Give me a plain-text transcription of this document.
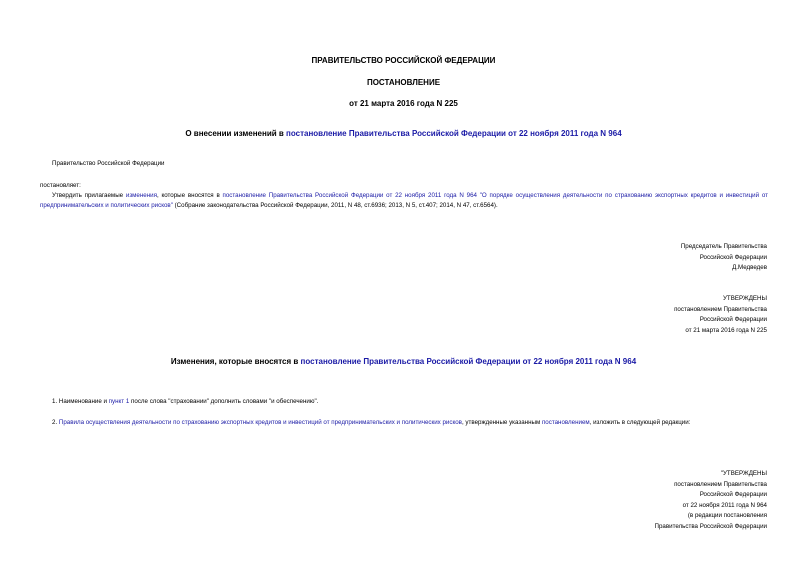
ПРАВИТЕЛЬСТВО РОССИЙСКОЙ ФЕДЕРАЦИИ
ПОСТАНОВЛЕНИЕ
от 21 марта 2016 года N 225
О внесении изменений в постановление Правительства Российской Федерации от 22 ноября 2011 года N 964
Правительство Российской Федерации
постановляет:
Утвердить прилагаемые изменения, которые вносятся в постановление Правительства Российской Федерации от 22 ноября 2011 года N 964 "О порядке осуществления деятельности по страхованию экспортных кредитов и инвестиций от предпринимательских и политических рисков" (Собрание законодательства Российской Федерации, 2011, N 48, ст.6936; 2013, N 5, ст.407; 2014, N 47, ст.6564).
Председатель Правительства
Российской Федерации
Д.Медведев
УТВЕРЖДЕНЫ
постановлением Правительства
Российской Федерации
от 21 марта 2016 года N 225
Изменения, которые вносятся в постановление Правительства Российской Федерации от 22 ноября 2011 года N 964
1. Наименование и пункт 1 после слова "страховании" дополнить словами "и обеспечению".
2. Правила осуществления деятельности по страхованию экспортных кредитов и инвестиций от предпринимательских и политических рисков, утвержденные указанным постановлением, изложить в следующей редакции:
"УТВЕРЖДЕНЫ
постановлением Правительства
Российской Федерации
от 22 ноября 2011 года N 964
(в редакции постановления
Правительства Российской Федерации
